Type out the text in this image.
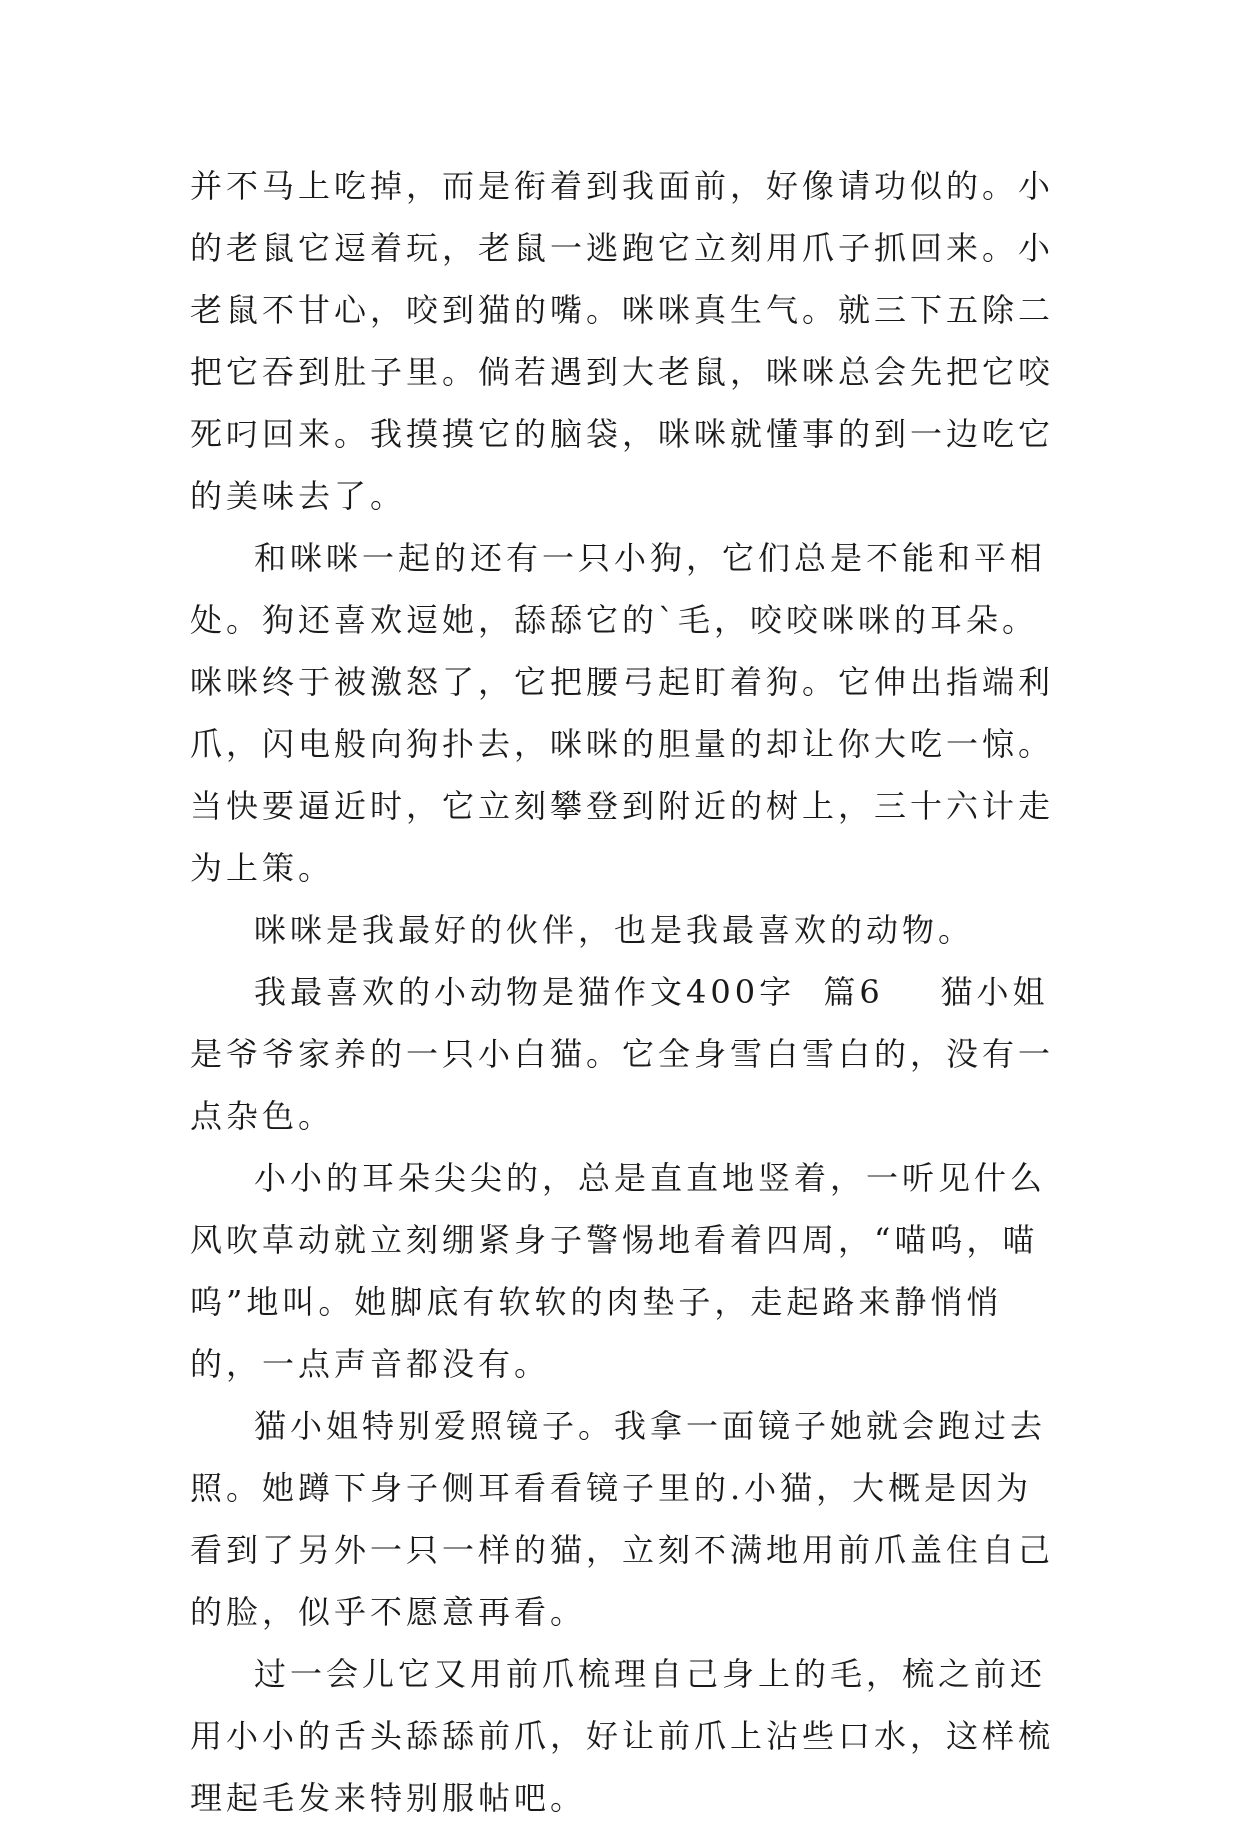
并不马上吃掉，而是衔着到我面前，好像请功似的。小的老鼠它逗着玩，老鼠一逃跑它立刻用爪子抓回来。小老鼠不甘心，咬到猫的嘴。咪咪真生气。就三下五除二把它吞到肚子里。倘若遇到大老鼠，咪咪总会先把它咬死叼回来。我摸摸它的脑袋，咪咪就懂事的到一边吃它的美味去了。

和咪咪一起的还有一只小狗，它们总是不能和平相处。狗还喜欢逗她，舔舔它的`毛，咬咬咪咪的耳朵。咪咪终于被激怒了，它把腰弓起盯着狗。它伸出指端利爪，闪电般向狗扑去，咪咪的胆量的却让你大吃一惊。当快要逼近时，它立刻攀登到附近的树上，三十六计走为上策。

咪咪是我最好的伙伴，也是我最喜欢的动物。

我最喜欢的小动物是猫作文400字  篇6    猫小姐是爷爷家养的一只小白猫。它全身雪白雪白的，没有一点杂色。

小小的耳朵尖尖的，总是直直地竖着，一听见什么风吹草动就立刻绷紧身子警惕地看着四周，“喵呜，喵呜”地叫。她脚底有软软的肉垫子，走起路来静悄悄的，一点声音都没有。

猫小姐特别爱照镜子。我拿一面镜子她就会跑过去照。她蹲下身子侧耳看看镜子里的.小猫，大概是因为看到了另外一只一样的猫，立刻不满地用前爪盖住自己的脸，似乎不愿意再看。

过一会儿它又用前爪梳理自己身上的毛，梳之前还用小小的舌头舔舔前爪，好让前爪上沾些口水，这样梳理起毛发来特别服帖吧。
